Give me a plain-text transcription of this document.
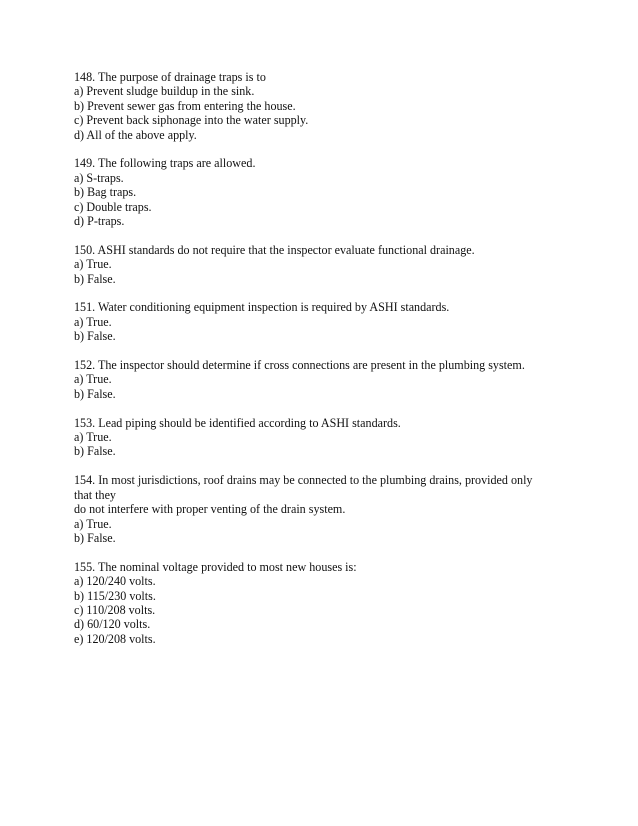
148. The purpose of drainage traps is to
a) Prevent sludge buildup in the sink.
b) Prevent sewer gas from entering the house.
c) Prevent back siphonage into the water supply.
d) All of the above apply.
149. The following traps are allowed.
a) S-traps.
b) Bag traps.
c) Double traps.
d) P-traps.
150. ASHI standards do not require that the inspector evaluate functional drainage.
a) True.
b) False.
151. Water conditioning equipment inspection is required by ASHI standards.
a) True.
b) False.
152. The inspector should determine if cross connections are present in the plumbing system.
a) True.
b) False.
153. Lead piping should be identified according to ASHI standards.
a) True.
b) False.
154. In most jurisdictions, roof drains may be connected to the plumbing drains, provided only
that they
do not interfere with proper venting of the drain system.
a) True.
b) False.
155. The nominal voltage provided to most new houses is:
a) 120/240 volts.
b) 115/230 volts.
c) 110/208 volts.
d) 60/120 volts.
e) 120/208 volts.
